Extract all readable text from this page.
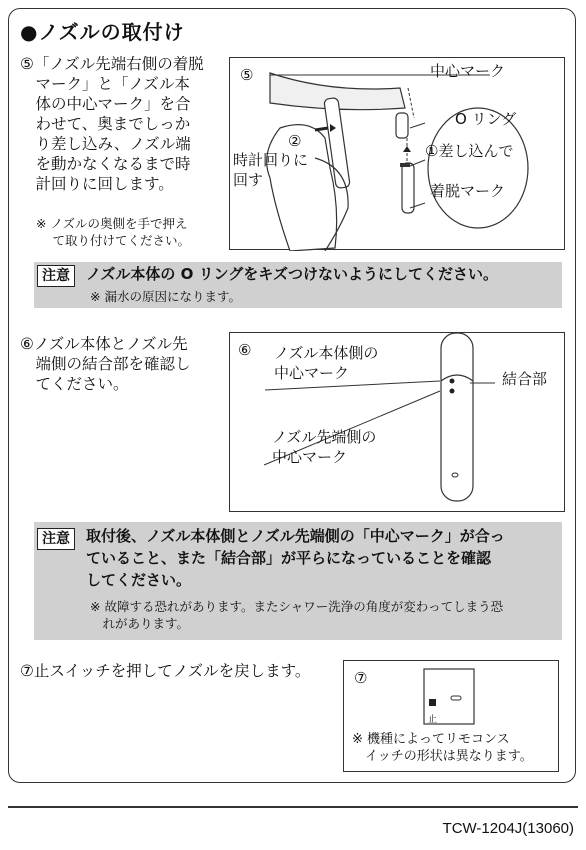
●ノズルの取付け
⑤「ノズル先端右側の着脱
　マーク」と「ノズル本
　体の中心マーク」を合
　わせて、奥までしっか
　り差し込み、ノズル端
　を動かなくなるまで時
　計回りに回します。
※ ノズルの奥側を手で押え
　 て取り付けてください。
⑤	中心マーク
O リング
①差し込んで
②
時計回りに
回す
着脱マーク
注意	ノズル本体の O リングをキズつけないようにしてください。
※ 漏水の原因になります。
⑥ノズル本体とノズル先
　端側の結合部を確認し
　てください。
⑥ ノズル本体側の
中心マーク	結合部
ノズル先端側の
中心マーク
注意	取付後、ノズル本体側とノズル先端側の「中心マーク」が合っ
ていること、また「結合部」が平らになっていることを確認
してください。
※ 故障する恐れがあります。またシャワー洗浄の角度が変わってしまう恐
　れがあります。
⑦止スイッチを押してノズルを戻します。	⑦
止
※ 機種によってリモコンス
　イッチの形状は異なります。
TCW-1204J(13060)
